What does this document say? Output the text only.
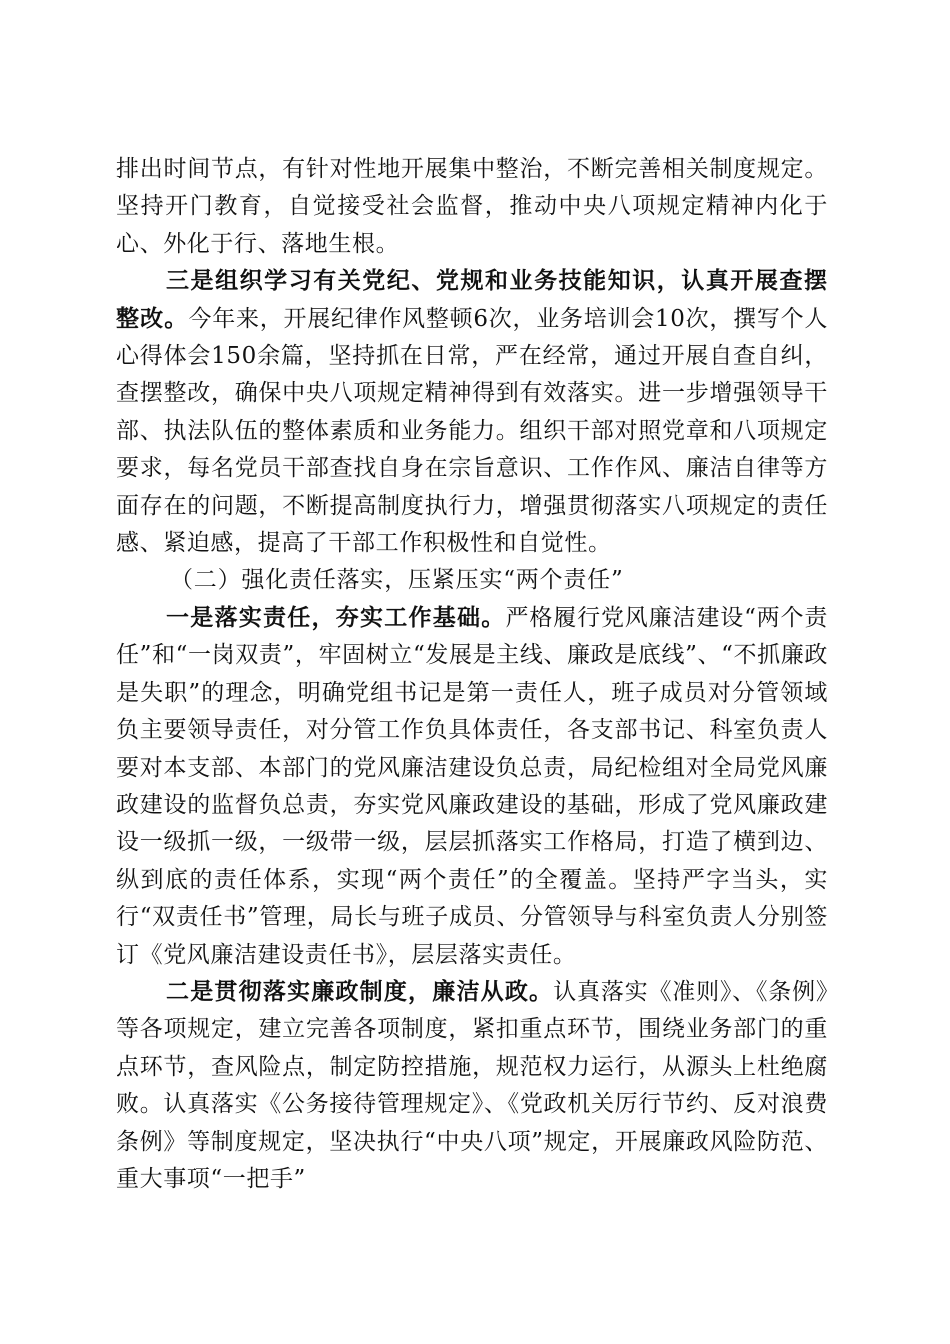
排出时间节点，有针对性地开展集中整治，不断完善相关制度规定。坚持开门教育，自觉接受社会监督，推动中央八项规定精神内化于心、外化于行、落地生根。

三是组织学习有关党纪、党规和业务技能知识，认真开展查摆整改。今年来，开展纪律作风整顿6次，业务培训会10次，撰写个人心得体会150余篇，坚持抓在日常，严在经常，通过开展自查自纠，查摆整改，确保中央八项规定精神得到有效落实。进一步增强领导干部、执法队伍的整体素质和业务能力。组织干部对照党章和八项规定要求，每名党员干部查找自身在宗旨意识、工作作风、廉洁自律等方面存在的问题，不断提高制度执行力，增强贯彻落实八项规定的责任感、紧迫感，提高了干部工作积极性和自觉性。

（二）强化责任落实，压紧压实“两个责任”

一是落实责任，夯实工作基础。严格履行党风廉洁建设“两个责任”和“一岗双责”，牢固树立“发展是主线、廉政是底线”、“不抓廉政是失职”的理念，明确党组书记是第一责任人，班子成员对分管领域负主要领导责任，对分管工作负具体责任，各支部书记、科室负责人要对本支部、本部门的党风廉洁建设负总责，局纪检组对全局党风廉政建设的监督负总责，夯实党风廉政建设的基础，形成了党风廉政建设一级抓一级，一级带一级，层层抓落实工作格局，打造了横到边、纵到底的责任体系，实现“两个责任”的全覆盖。坚持严字当头，实行“双责任书”管理，局长与班子成员、分管领导与科室负责人分别签订《党风廉洁建设责任书》，层层落实责任。

二是贯彻落实廉政制度，廉洁从政。认真落实《准则》、《条例》等各项规定，建立完善各项制度，紧扣重点环节，围绕业务部门的重点环节，查风险点，制定防控措施，规范权力运行，从源头上杜绝腐败。认真落实《公务接待管理规定》、《党政机关厉行节约、反对浪费条例》等制度规定，坚决执行“中央八项”规定，开展廉政风险防范、重大事项“一把手”
